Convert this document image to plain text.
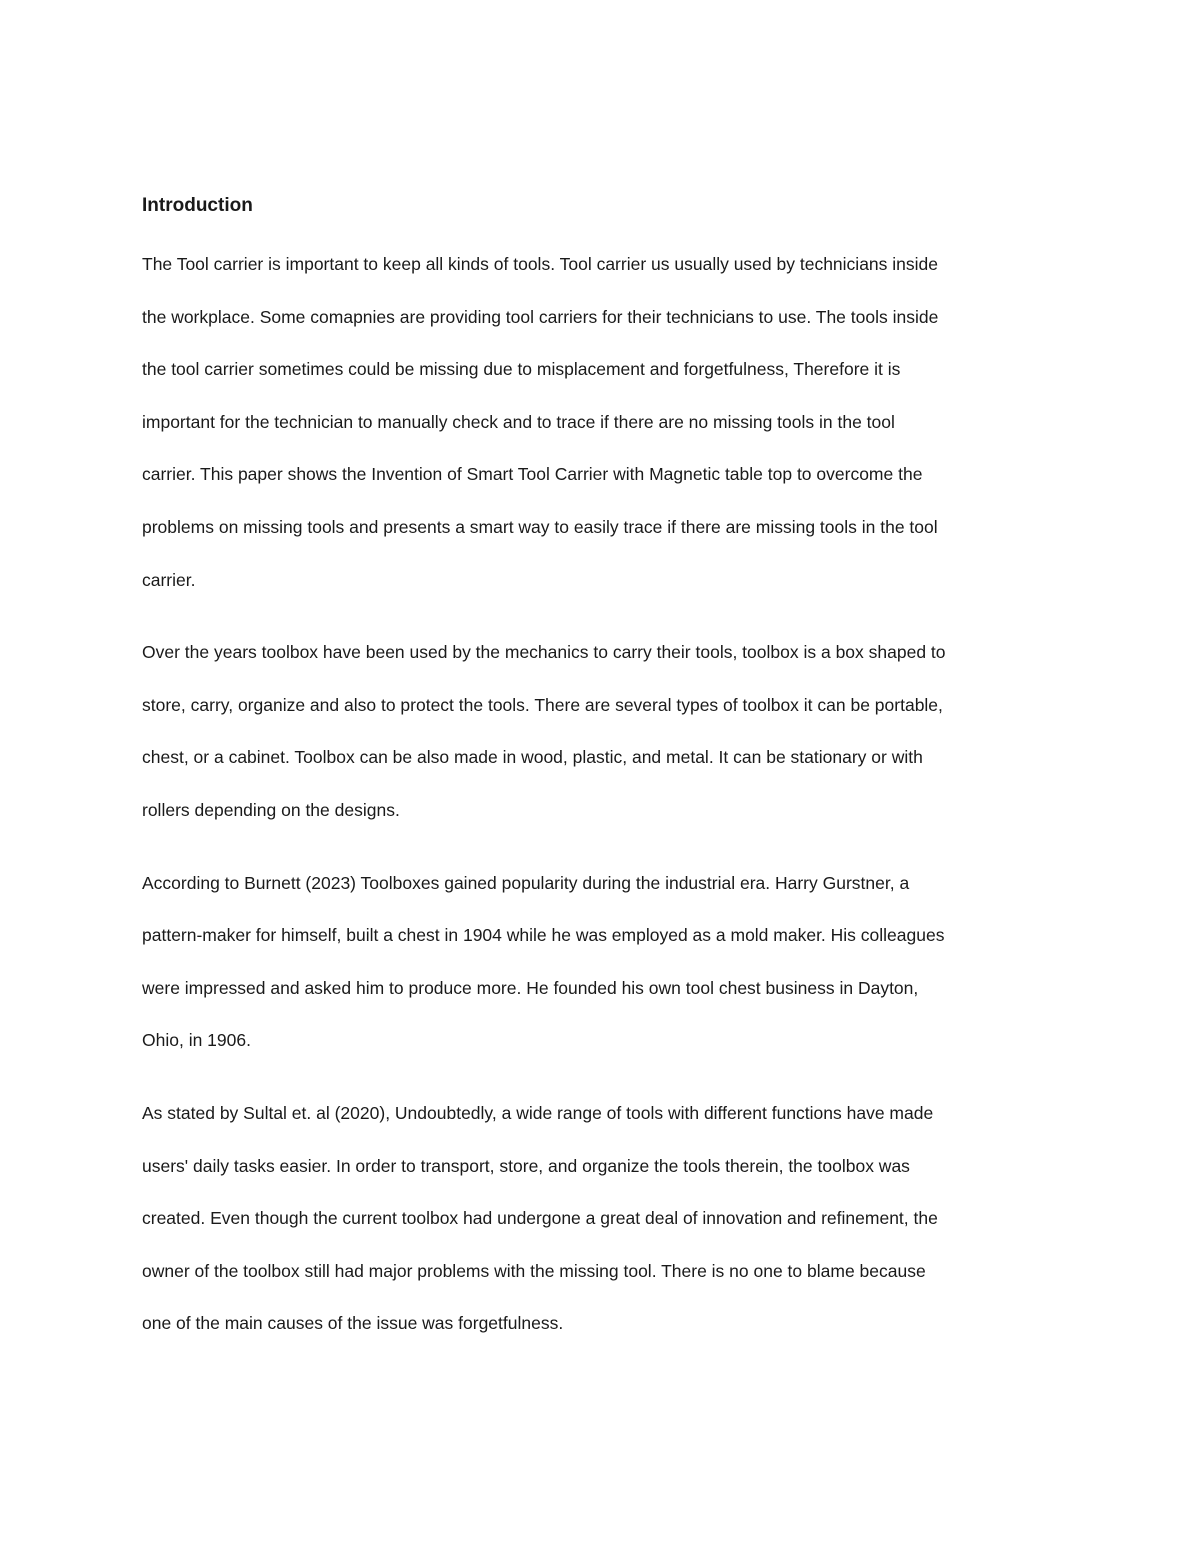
Introduction

The Tool carrier is important to keep all kinds of tools. Tool carrier us usually used by technicians inside
the workplace. Some comapnies are providing tool carriers for their technicians to use. The tools inside
the tool carrier sometimes could be missing due to misplacement and forgetfulness, Therefore it is
important for the technician to manually check and to trace if there are no missing tools in the tool
carrier. This paper shows the Invention of Smart Tool Carrier with Magnetic table top to overcome the
problems on missing tools and presents a smart way to easily trace if there are missing tools in the tool
carrier.

Over the years toolbox have been used by the mechanics to carry their tools, toolbox is a box shaped to
store, carry, organize and also to protect the tools. There are several types of toolbox it can be portable,
chest, or a cabinet. Toolbox can be also made in wood, plastic, and metal. It can be stationary or with
rollers depending on the designs.

According to Burnett (2023) Toolboxes gained popularity during the industrial era. Harry Gurstner, a
pattern-maker for himself, built a chest in 1904 while he was employed as a mold maker. His colleagues
were impressed and asked him to produce more. He founded his own tool chest business in Dayton,
Ohio, in 1906.

As stated by Sultal et. al (2020), Undoubtedly, a wide range of tools with different functions have made
users' daily tasks easier. In order to transport, store, and organize the tools therein, the toolbox was
created. Even though the current toolbox had undergone a great deal of innovation and refinement, the
owner of the toolbox still had major problems with the missing tool. There is no one to blame because
one of the main causes of the issue was forgetfulness.
